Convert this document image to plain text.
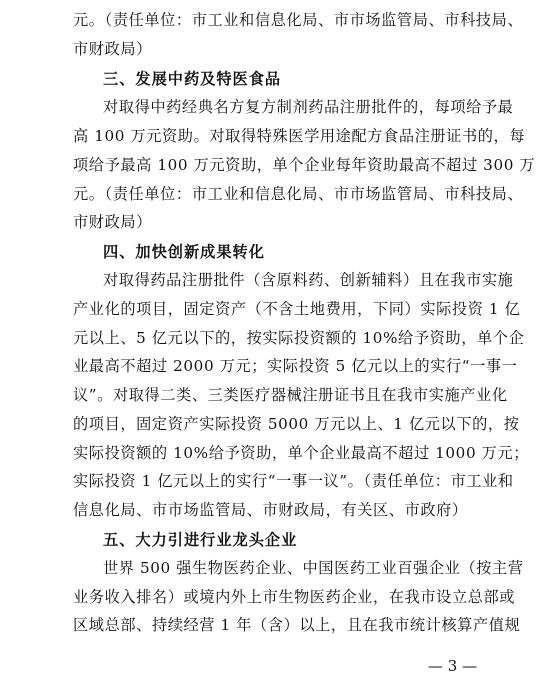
元。（责任单位：市工业和信息化局、市市场监管局、市科技局、
市财政局）
三、发展中药及特医食品
对取得中药经典名方复方制剂药品注册批件的，每项给予最
高 100 万元资助。对取得特殊医学用途配方食品注册证书的，每
项给予最高 100 万元资助，单个企业每年资助最高不超过 300 万
元。（责任单位：市工业和信息化局、市市场监管局、市科技局、
市财政局）
四、加快创新成果转化
对取得药品注册批件（含原料药、创新辅料）且在我市实施
产业化的项目，固定资产（不含土地费用，下同）实际投资 1 亿
元以上、5 亿元以下的，按实际投资额的 10%给予资助，单个企
业最高不超过 2000 万元；实际投资 5 亿元以上的实行“一事一
议”。对取得二类、三类医疗器械注册证书且在我市实施产业化
的项目，固定资产实际投资 5000 万元以上、1 亿元以下的，按
实际投资额的 10%给予资助，单个企业最高不超过 1000 万元；
实际投资 1 亿元以上的实行“一事一议”。（责任单位：市工业和
信息化局、市市场监管局、市财政局，有关区、市政府）
五、大力引进行业龙头企业
世界 500 强生物医药企业、中国医药工业百强企业（按主营
业务收入排名）或境内外上市生物医药企业，在我市设立总部或
区域总部、持续经营 1 年（含）以上，且在我市统计核算产值规
— 3 —
